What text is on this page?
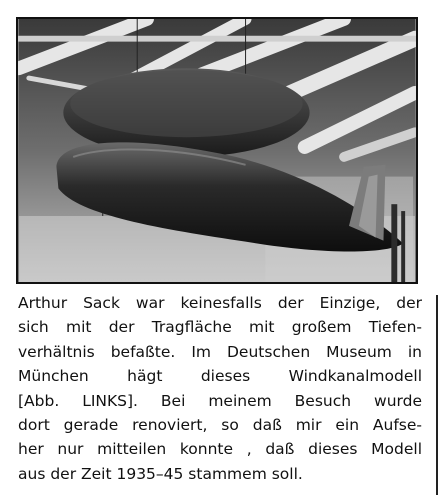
Arthur Sack war keinesfalls der Einzige, der
sich mit der Tragfläche mit großem Tiefen-
verhältnis befaßte. Im Deutschen Museum in
München hägt dieses Windkanalmodell
[Abb. LINKS]. Bei meinem Besuch wurde
dort gerade renoviert, so daß mir ein Aufse-
her nur mitteilen konnte , daß dieses Modell
aus der Zeit 1935–45 stammem soll.
